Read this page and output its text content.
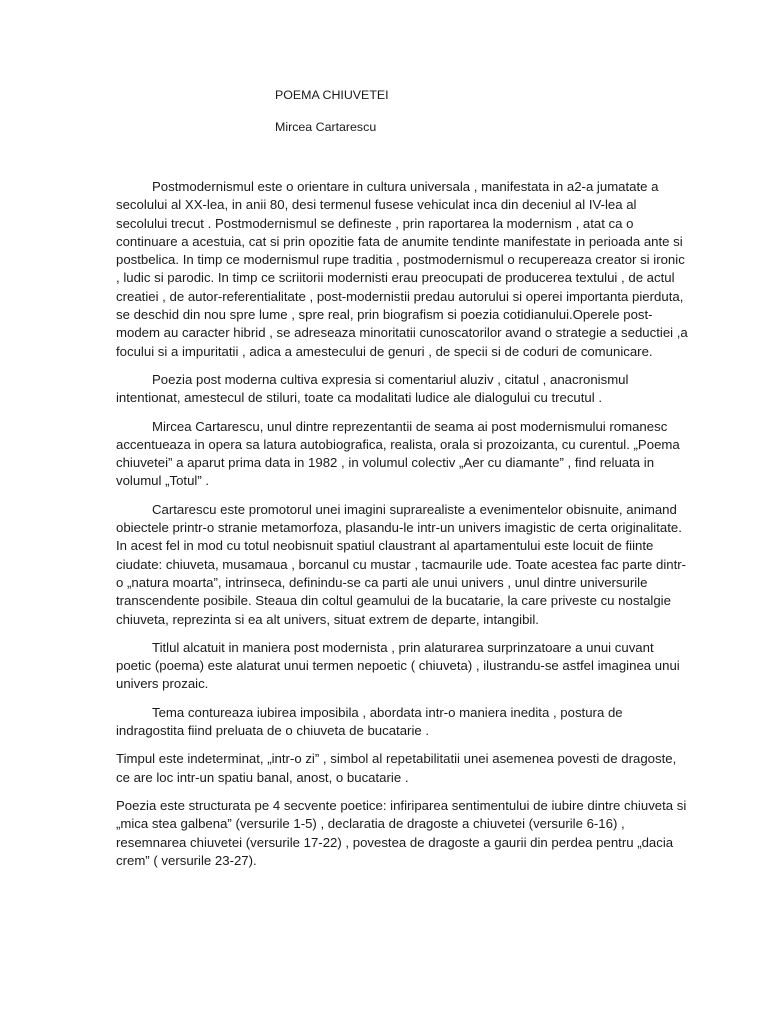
POEMA CHIUVETEI
Mircea Cartarescu

Postmodernismul este o orientare in cultura universala , manifestata in a2-a jumatate a secolului al XX-lea, in anii 80, desi termenul fusese vehiculat inca din deceniul al IV-lea al secolului trecut . Postmodernismul se defineste , prin raportarea la modernism , atat ca o continuare a acestuia, cat si prin opozitie fata de anumite tendinte manifestate in perioada ante si postbelica. In timp ce modernismul rupe traditia , postmodernismul o recupereaza creator si ironic , ludic si parodic. In timp ce scriitorii modernisti erau preocupati de producerea textului , de actul creatiei , de autor-referentialitate , post-modernistii predau autorului si operei importanta pierduta, se deschid din nou spre lume , spre real, prin biografism si poezia cotidianului.Operele post-modem au caracter hibrid , se adreseaza minoritatii cunoscatorilor avand o strategie a seductiei ,a focului si a impuritatii , adica a amestecului de genuri , de specii si de coduri de comunicare.

Poezia post moderna cultiva expresia si comentariul aluziv , citatul , anacronismul intentionat, amestecul de stiluri, toate ca modalitati ludice ale dialogului cu trecutul .

Mircea Cartarescu, unul dintre reprezentantii de seama ai post modernismului romanesc accentueaza in opera sa latura autobiografica, realista, orala si prozoizanta, cu curentul. „Poema chiuvetei” a aparut prima data in 1982 , in volumul colectiv „Aer cu diamante” , find reluata in volumul „Totul” .

Cartarescu este promotorul unei imagini suprarealiste a evenimentelor obisnuite, animand obiectele printr-o stranie metamorfoza, plasandu-le intr-un univers imagistic de certa originalitate. In acest fel in mod cu totul neobisnuit spatiul claustrant al apartamentului este locuit de fiinte ciudate: chiuveta, musamaua , borcanul cu mustar , tacmaurile ude. Toate acestea fac parte dintr-o „natura moarta”, intrinseca, definindu-se ca parti ale unui univers , unul dintre universurile transcendente posibile. Steaua din coltul geamului de la bucatarie, la care priveste cu nostalgie chiuveta, reprezinta si ea alt univers, situat extrem de departe, intangibil.

Titlul alcatuit in maniera post modernista , prin alaturarea surprinzatoare a unui cuvant poetic (poema) este alaturat unui termen nepoetic ( chiuveta) , ilustrandu-se astfel imaginea unui univers prozaic.

Tema contureaza iubirea imposibila , abordata intr-o maniera inedita , postura de indragostita fiind preluata de o chiuveta de bucatarie .

Timpul este indeterminat, „intr-o zi” , simbol al repetabilitatii unei asemenea povesti de dragoste, ce are loc intr-un spatiu banal, anost, o bucatarie .

Poezia este structurata pe 4 secvente poetice: infiriparea sentimentului de iubire dintre chiuveta si „mica stea galbena” (versurile 1-5) , declaratia de dragoste a chiuvetei (versurile 6-16) , resemnarea chiuvetei (versurile 17-22) , povestea de dragoste a gaurii din perdea pentru „dacia crem” ( versurile 23-27).
